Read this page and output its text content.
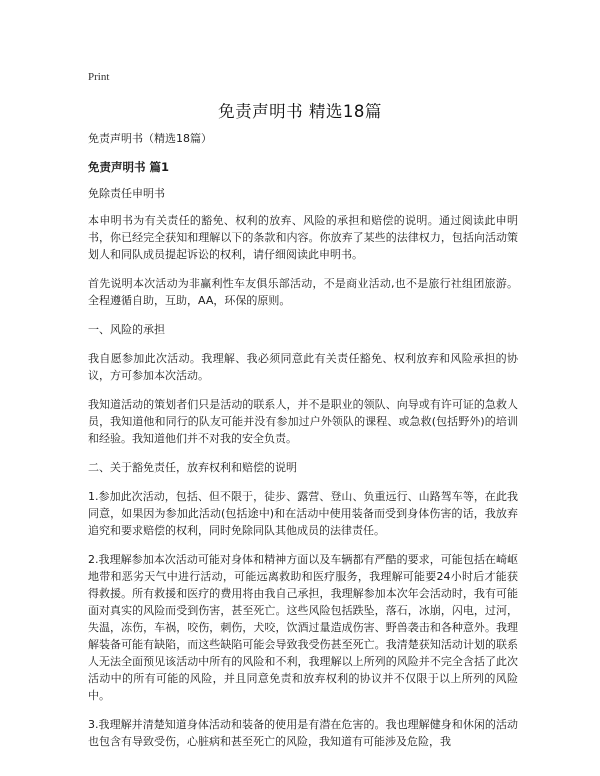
Print
免责声明书 精选18篇

免责声明书（精选18篇）

免责声明书 篇1

免除责任申明书

本申明书为有关责任的豁免、权利的放弃、风险的承担和赔偿的说明。通过阅读此申明书，你已经完全获知和理解以下的条款和内容。你放弃了某些的法律权力，包括向活动策划人和同队成员提起诉讼的权利，请仔细阅读此申明书。

首先说明本次活动为非赢利性车友俱乐部活动，不是商业活动,也不是旅行社组团旅游。全程遵循自助，互助，AA，环保的原则。

一、风险的承担

我自愿参加此次活动。我理解、我必须同意此有关责任豁免、权利放弃和风险承担的协议，方可参加本次活动。

我知道活动的策划者们只是活动的联系人，并不是职业的领队、向导或有许可证的急救人员，我知道他和同行的队友可能并没有参加过户外领队的课程、或急救(包括野外)的培训和经验。我知道他们并不对我的安全负责。

二、关于豁免责任，放弃权利和赔偿的说明

1.参加此次活动，包括、但不限于，徒步、露营、登山、负重远行、山路驾车等，在此我同意，如果因为参加此活动(包括途中)和在活动中使用装备而受到身体伤害的话，我放弃追究和要求赔偿的权利，同时免除同队其他成员的法律责任。

2.我理解参加本次活动可能对身体和精神方面以及车辆都有严酷的要求，可能包括在崎岖地带和恶劣天气中进行活动，可能远离救助和医疗服务，我理解可能要24小时后才能获得救援。所有救援和医疗的费用将由我自己承担，我理解参加本次年会活动时，我有可能面对真实的风险而受到伤害，甚至死亡。这些风险包括跌坠，落石，冰崩，闪电，过河，失温，冻伤，车祸，咬伤，刺伤，犬咬，饮酒过量造成伤害、野兽袭击和各种意外。我理解装备可能有缺陷，而这些缺陷可能会导致我受伤甚至死亡。我清楚获知活动计划的联系人无法全面预见该活动中所有的风险和不利，我理解以上所列的风险并不完全含括了此次活动中的所有可能的风险，并且同意免责和放弃权利的协议并不仅限于以上所列的风险中。

3.我理解并清楚知道身体活动和装备的使用是有潜在危害的。我也理解健身和休闲的活动也包含有导致受伤，心脏病和甚至死亡的风险，我知道有可能涉及危险，我
